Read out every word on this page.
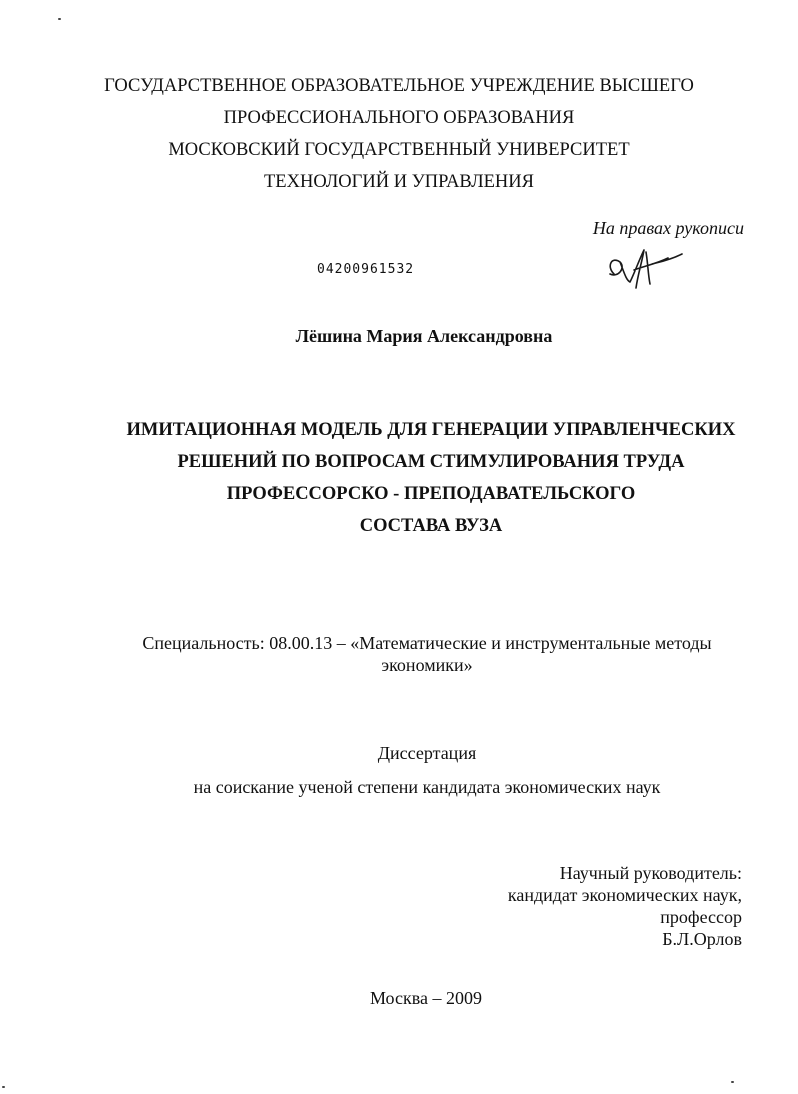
ГОСУДАРСТВЕННОЕ ОБРАЗОВАТЕЛЬНОЕ УЧРЕЖДЕНИЕ ВЫСШЕГО
ПРОФЕССИОНАЛЬНОГО ОБРАЗОВАНИЯ
МОСКОВСКИЙ ГОСУДАРСТВЕННЫЙ УНИВЕРСИТЕТ
ТЕХНОЛОГИЙ И УПРАВЛЕНИЯ
На правах рукописи
04200961532
Лёшина Мария Александровна
ИМИТАЦИОННАЯ МОДЕЛЬ ДЛЯ ГЕНЕРАЦИИ УПРАВЛЕНЧЕСКИХ
РЕШЕНИЙ ПО ВОПРОСАМ СТИМУЛИРОВАНИЯ ТРУДА
ПРОФЕССОРСКО - ПРЕПОДАВАТЕЛЬСКОГО
СОСТАВА ВУЗА
Специальность: 08.00.13 – «Математические и инструментальные методы
экономики»
Диссертация
на соискание ученой степени кандидата экономических наук
Научный руководитель:
кандидат экономических наук,
профессор
Б.Л.Орлов
Москва – 2009
